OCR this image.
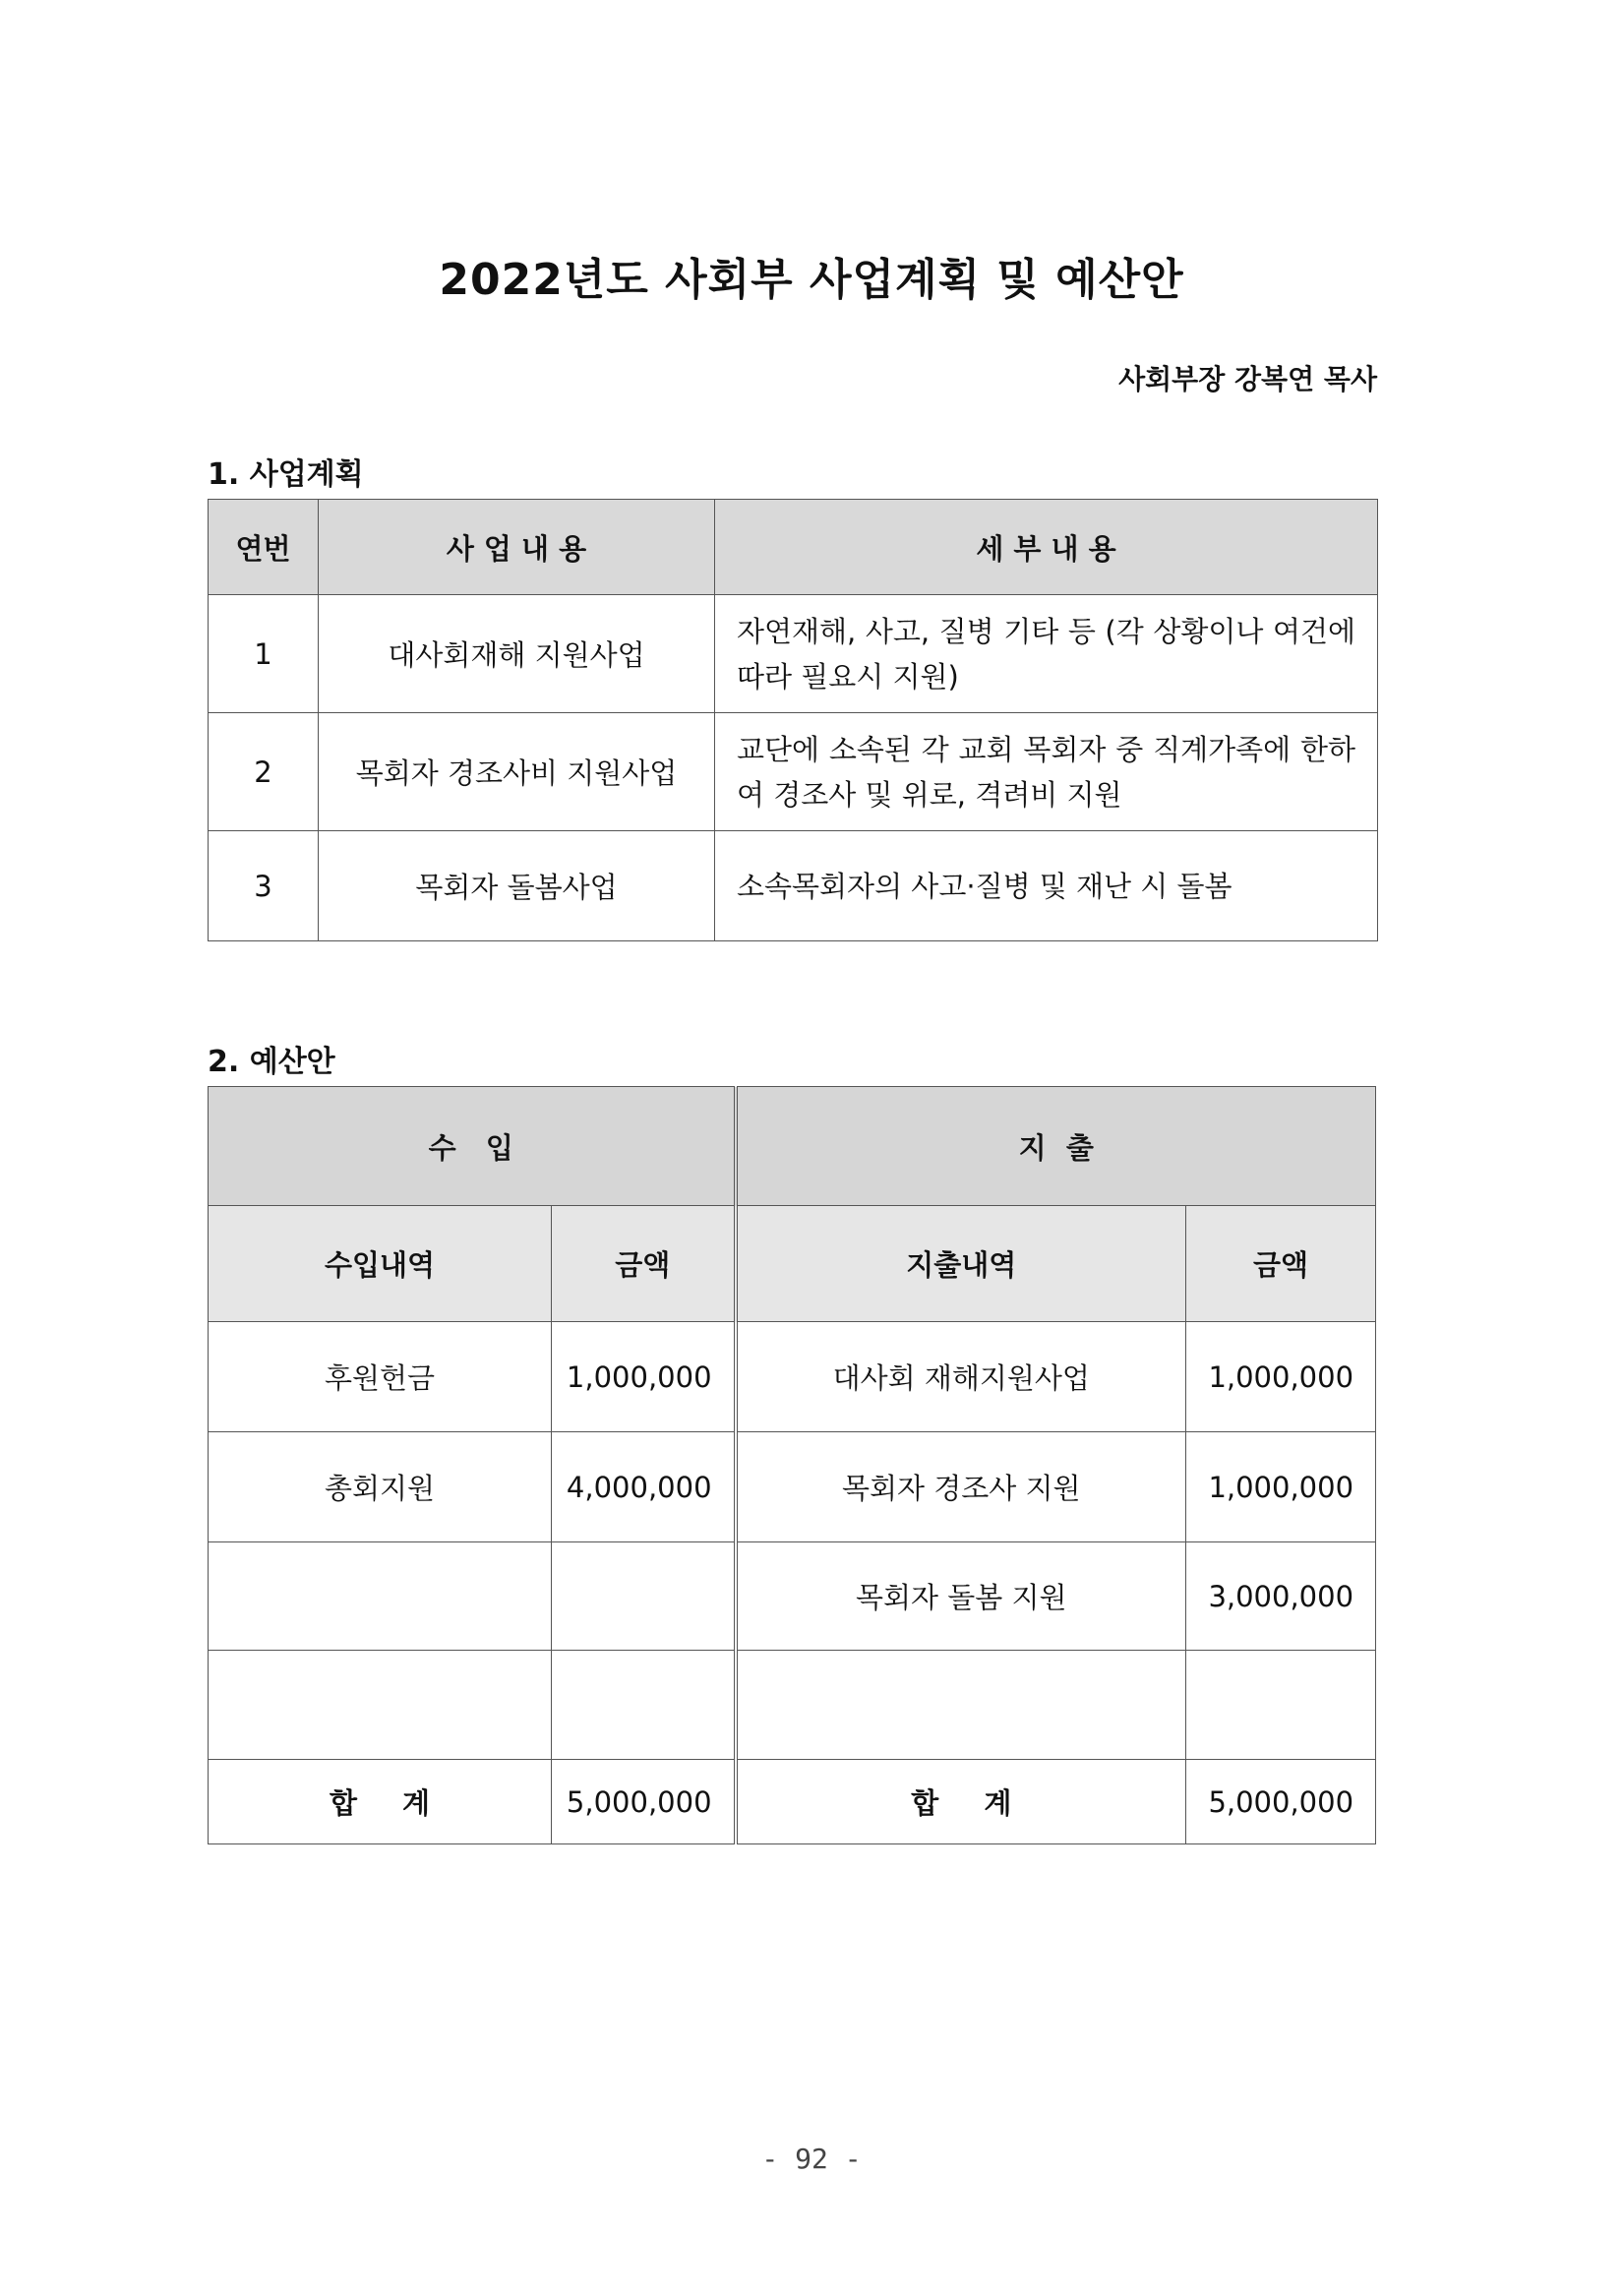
2022년도 사회부 사업계획 및 예산안
사회부장 강복연 목사
1. 사업계획
연번	사 업 내 용	세 부 내 용
1	대사회재해 지원사업	자연재해, 사고, 질병 기타 등 (각 상황이나 여건에 따라 필요시 지원)
2	목회자 경조사비 지원사업	교단에 소속된 각 교회 목회자 중 직계가족에 한하여 경조사 및 위로, 격려비 지원
3	목회자 돌봄사업	소속목회자의 사고·질병 및 재난 시 돌봄
2. 예산안
수   입		지  출	
수입내역	금액	지출내역	금액
후원헌금	1,000,000	대사회 재해지원사업	1,000,000
총회지원	4,000,000	목회자 경조사 지원	1,000,000
		목회자 돌봄 지원	3,000,000

합 계	5,000,000	합 계	5,000,000
- 92 -
